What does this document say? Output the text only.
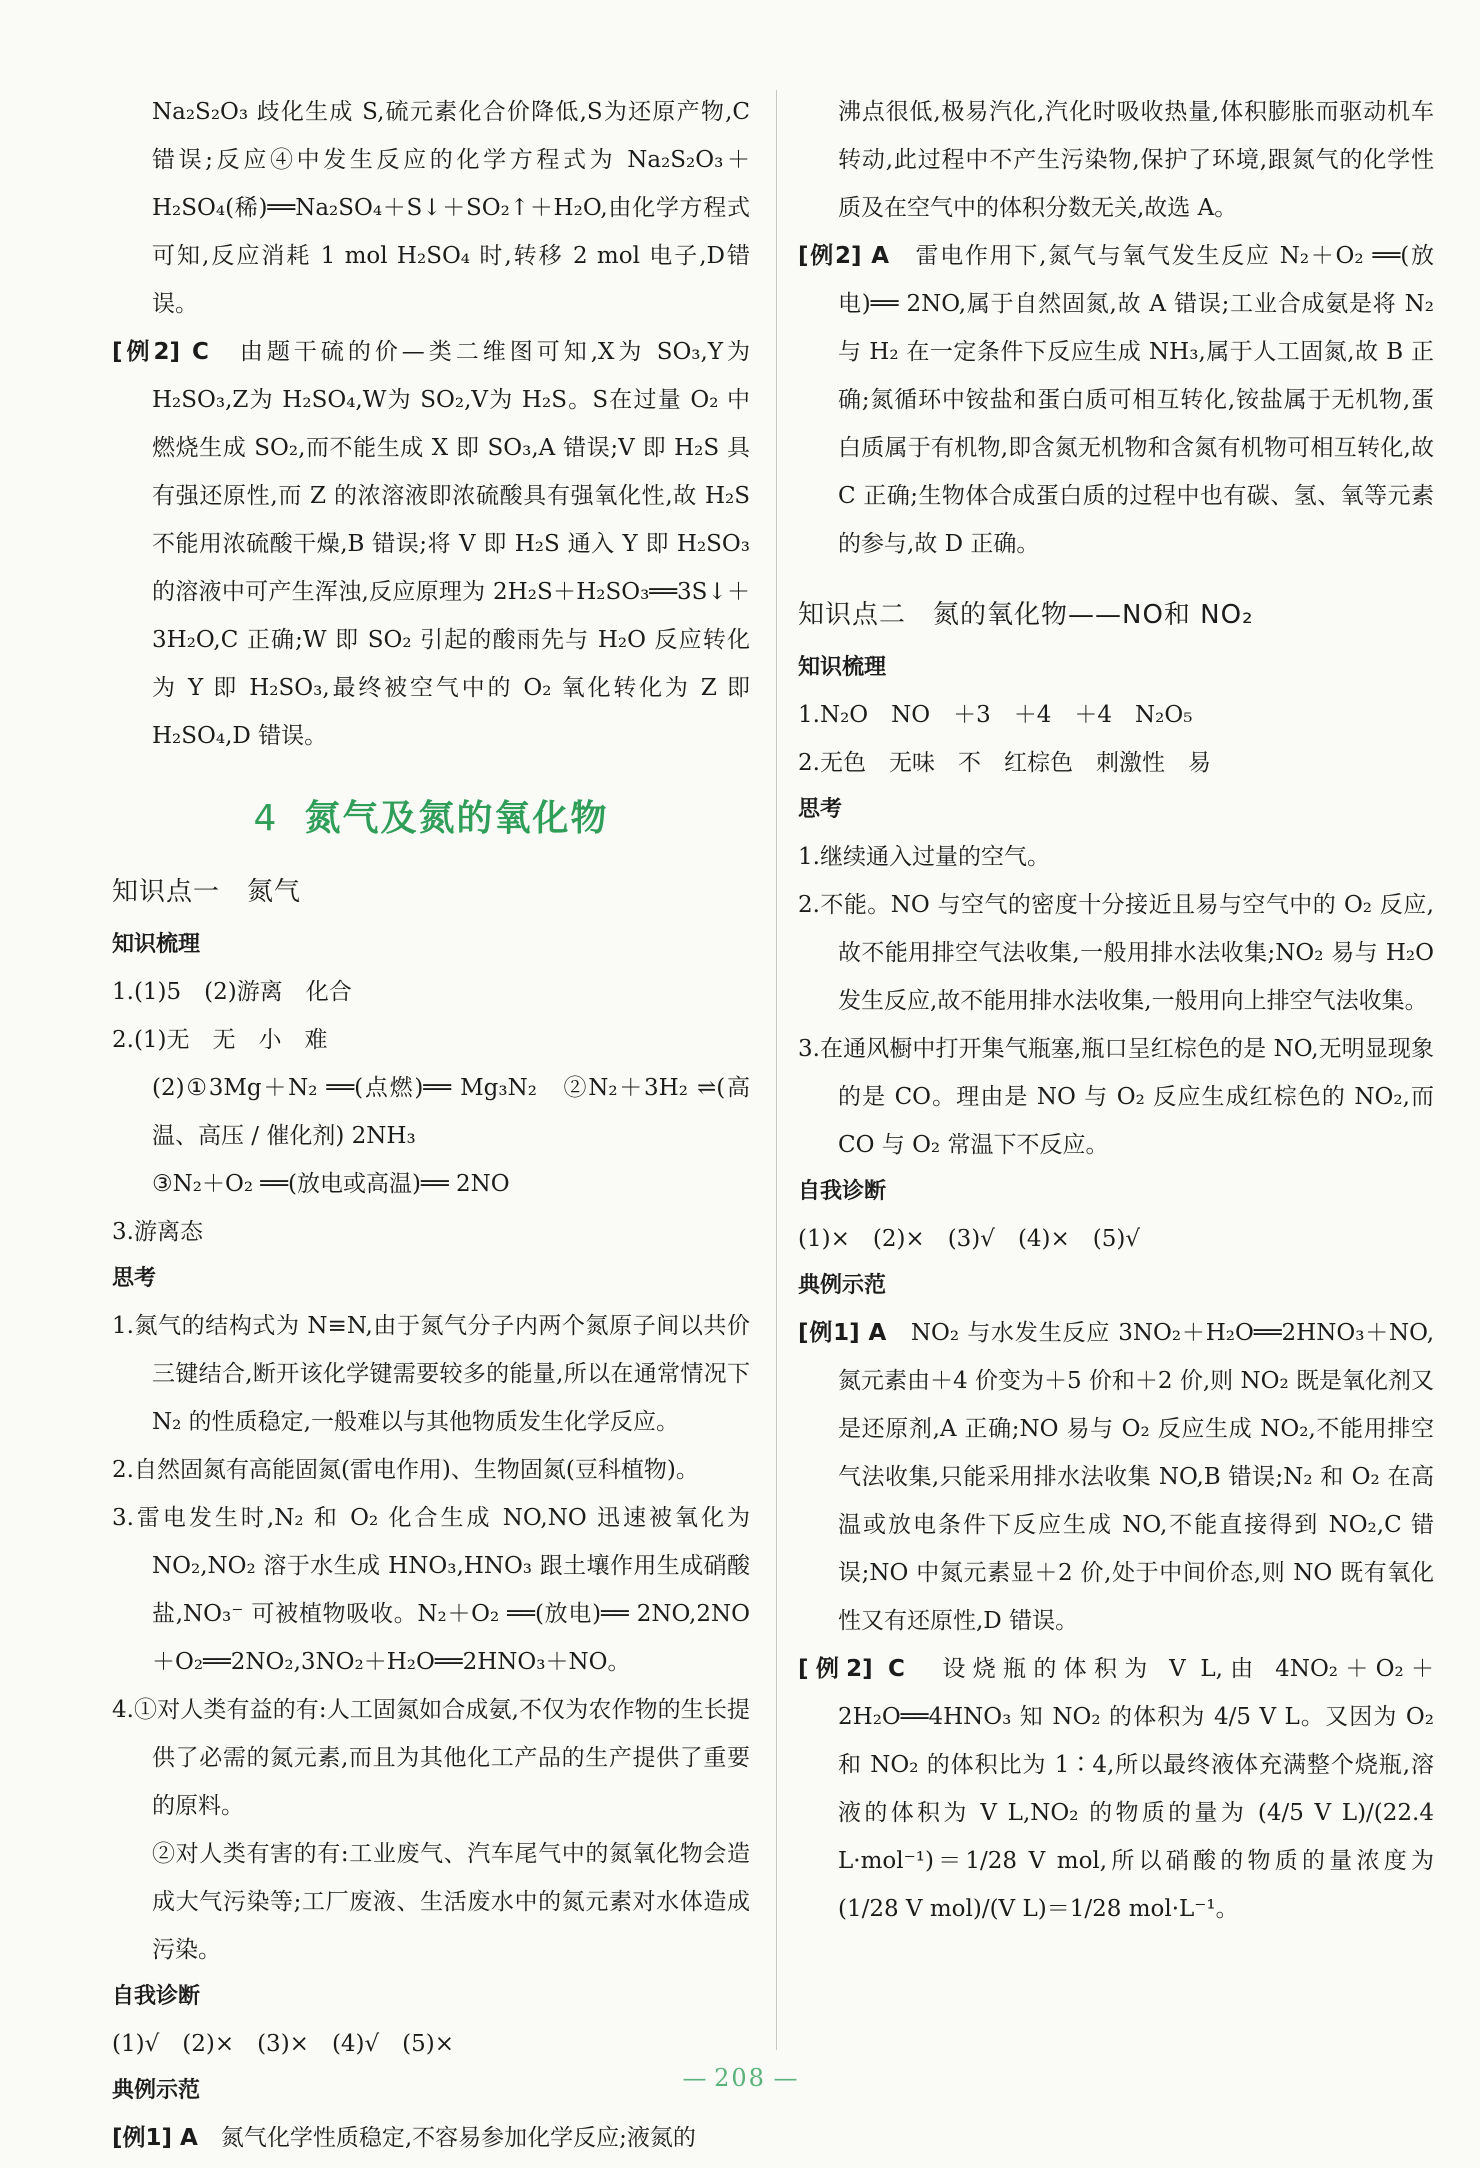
Na₂S₂O₃ 歧化生成 S,硫元素化合价降低,S为还原产物,C 错误;反应④中发生反应的化学方程式为 Na₂S₂O₃＋H₂SO₄(稀)══Na₂SO₄＋S↓＋SO₂↑＋H₂O,由化学方程式可知,反应消耗 1 mol H₂SO₄ 时,转移 2 mol 电子,D错误。

[例2] C　 由题干硫的价—类二维图可知,X为 SO₃,Y为 H₂SO₃,Z为 H₂SO₄,W为 SO₂,V为 H₂S。S在过量 O₂ 中燃烧生成 SO₂,而不能生成 X 即 SO₃,A 错误;V 即 H₂S 具有强还原性,而 Z 的浓溶液即浓硫酸具有强氧化性,故 H₂S 不能用浓硫酸干燥,B 错误;将 V 即 H₂S 通入 Y 即 H₂SO₃ 的溶液中可产生浑浊,反应原理为 2H₂S＋H₂SO₃══3S↓＋3H₂O,C 正确;W 即 SO₂ 引起的酸雨先与 H₂O 反应转化为 Y 即 H₂SO₃,最终被空气中的 O₂ 氧化转化为 Z 即 H₂SO₄,D 错误。

4 氮气及氮的氧化物
知识点一　氮气

知识梳理

1.(1)5　(2)游离　化合

2.(1)无　无　小　难

(2)①3Mg＋N₂ ══(点燃)══ Mg₃N₂　②N₂＋3H₂ ⇌(高温、高压 / 催化剂) 2NH₃

③N₂＋O₂ ══(放电或高温)══ 2NO

3.游离态

思考

1.氮气的结构式为 N≡N,由于氮气分子内两个氮原子间以共价三键结合,断开该化学键需要较多的能量,所以在通常情况下 N₂ 的性质稳定,一般难以与其他物质发生化学反应。

2.自然固氮有高能固氮(雷电作用)、生物固氮(豆科植物)。

3.雷电发生时,N₂ 和 O₂ 化合生成 NO,NO 迅速被氧化为 NO₂,NO₂ 溶于水生成 HNO₃,HNO₃ 跟土壤作用生成硝酸盐,NO₃⁻ 可被植物吸收。N₂＋O₂ ══(放电)══ 2NO,2NO＋O₂══2NO₂,3NO₂＋H₂O══2HNO₃＋NO。

4.①对人类有益的有:人工固氮如合成氨,不仅为农作物的生长提供了必需的氮元素,而且为其他化工产品的生产提供了重要的原料。

②对人类有害的有:工业废气、汽车尾气中的氮氧化物会造成大气污染等;工厂废液、生活废水中的氮元素对水体造成污染。

自我诊断

(1)√　(2)×　(3)×　(4)√　(5)×

典例示范

[例1] A　 氮气化学性质稳定,不容易参加化学反应;液氮的

沸点很低,极易汽化,汽化时吸收热量,体积膨胀而驱动机车转动,此过程中不产生污染物,保护了环境,跟氮气的化学性质及在空气中的体积分数无关,故选 A。

[例2] A　 雷电作用下,氮气与氧气发生反应 N₂＋O₂ ══(放电)══ 2NO,属于自然固氮,故 A 错误;工业合成氨是将 N₂ 与 H₂ 在一定条件下反应生成 NH₃,属于人工固氮,故 B 正确;氮循环中铵盐和蛋白质可相互转化,铵盐属于无机物,蛋白质属于有机物,即含氮无机物和含氮有机物可相互转化,故 C 正确;生物体合成蛋白质的过程中也有碳、氢、氧等元素的参与,故 D 正确。

知识点二　氮的氧化物——NO和 NO₂

知识梳理

1.N₂O　NO　＋3　＋4　＋4　N₂O₅

2.无色　无味　不　红棕色　刺激性　易

思考

1.继续通入过量的空气。

2.不能。NO 与空气的密度十分接近且易与空气中的 O₂ 反应,故不能用排空气法收集,一般用排水法收集;NO₂ 易与 H₂O 发生反应,故不能用排水法收集,一般用向上排空气法收集。

3.在通风橱中打开集气瓶塞,瓶口呈红棕色的是 NO,无明显现象的是 CO。理由是 NO 与 O₂ 反应生成红棕色的 NO₂,而 CO 与 O₂ 常温下不反应。

自我诊断

(1)×　(2)×　(3)√　(4)×　(5)√

典例示范

[例1] A　 NO₂ 与水发生反应 3NO₂＋H₂O══2HNO₃＋NO,氮元素由＋4 价变为＋5 价和＋2 价,则 NO₂ 既是氧化剂又是还原剂,A 正确;NO 易与 O₂ 反应生成 NO₂,不能用排空气法收集,只能采用排水法收集 NO,B 错误;N₂ 和 O₂ 在高温或放电条件下反应生成 NO,不能直接得到 NO₂,C 错误;NO 中氮元素显＋2 价,处于中间价态,则 NO 既有氧化性又有还原性,D 错误。

[例2] C　 设烧瓶的体积为 V L,由 4NO₂＋O₂＋2H₂O══4HNO₃ 知 NO₂ 的体积为 4/5 V L。又因为 O₂ 和 NO₂ 的体积比为 1∶4,所以最终液体充满整个烧瓶,溶液的体积为 V L,NO₂ 的物质的量为 (4/5 V L)/(22.4 L·mol⁻¹)＝1/28 V mol,所以硝酸的物质的量浓度为 (1/28 V mol)/(V L)＝1/28 mol·L⁻¹。

— 208 —
